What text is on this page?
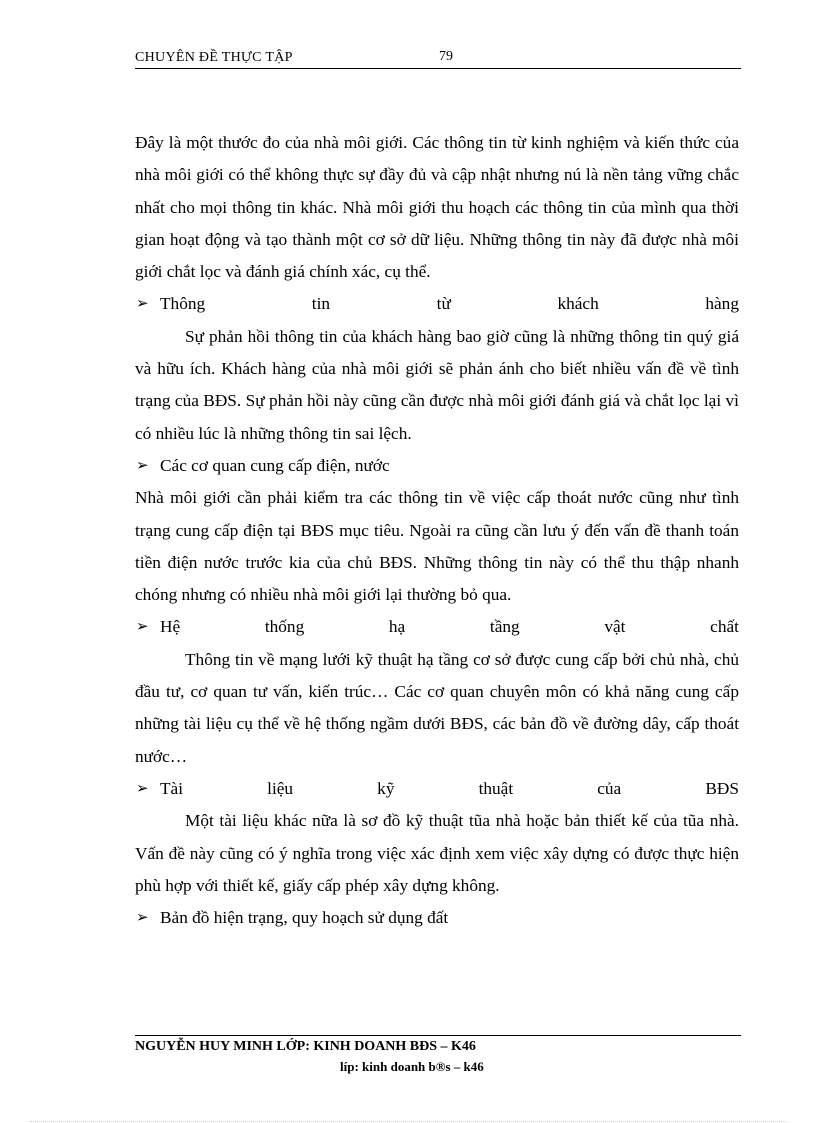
CHUYÊN ĐỀ THỰC TẬP	79

Đây là một thước đo của nhà môi giới. Các thông tin từ kinh nghiệm và kiến thức của nhà môi giới có thể không thực sự đầy đủ và cập nhật nhưng nú là nền tảng vững chắc nhất cho mọi thông tin khác. Nhà môi giới thu hoạch các thông tin của mình qua thời gian hoạt động và tạo thành một cơ sở dữ liệu. Những thông tin này đã được nhà môi giới chắt lọc và đánh giá chính xác, cụ thể.

➢ Thông	tin	từ	khách	hàng

Sự phản hồi thông tin của khách hàng bao giờ cũng là những thông tin quý giá và hữu ích. Khách hàng của nhà môi giới sẽ phản ánh cho biết nhiều vấn đề về tình trạng của BĐS. Sự phản hồi này cũng cần được nhà môi giới đánh giá và chắt lọc lại vì có nhiều lúc là những thông tin sai lệch.

➢ Các cơ quan cung cấp điện, nước

Nhà môi giới cần phải kiểm tra các thông tin về việc cấp thoát nước cũng như tình trạng cung cấp điện tại BĐS mục tiêu. Ngoài ra cũng cần lưu ý đến vấn đề thanh toán tiền điện nước trước kia của chủ BĐS. Những thông tin này có thể thu thập nhanh chóng nhưng có nhiều nhà môi giới lại thường bỏ qua.

➢ Hệ	thống	hạ	tầng	vật	chất

Thông tin về mạng lưới kỹ thuật hạ tầng cơ sở được cung cấp bởi chủ nhà, chủ đầu tư, cơ quan tư vấn, kiến trúc… Các cơ quan chuyên môn có khả năng cung cấp những tài liệu cụ thể về hệ thống ngầm dưới BĐS, các bản đồ về đường dây, cấp thoát nước…

➢ Tài	liệu	kỹ	thuật	của	BĐS

Một tài liệu khác nữa là sơ đồ kỹ thuật tũa nhà hoặc bản thiết kế của tũa nhà. Vấn đề này cũng có ý nghĩa trong việc xác định xem việc xây dựng có được thực hiện phù hợp với thiết kế, giấy cấp phép xây dựng không.

➢ Bản đồ hiện trạng, quy hoạch sử dụng đất
NGUYỄN HUY MINH LỚP: KINH DOANH BĐS – K46
líp: kinh doanh b®s – k46
